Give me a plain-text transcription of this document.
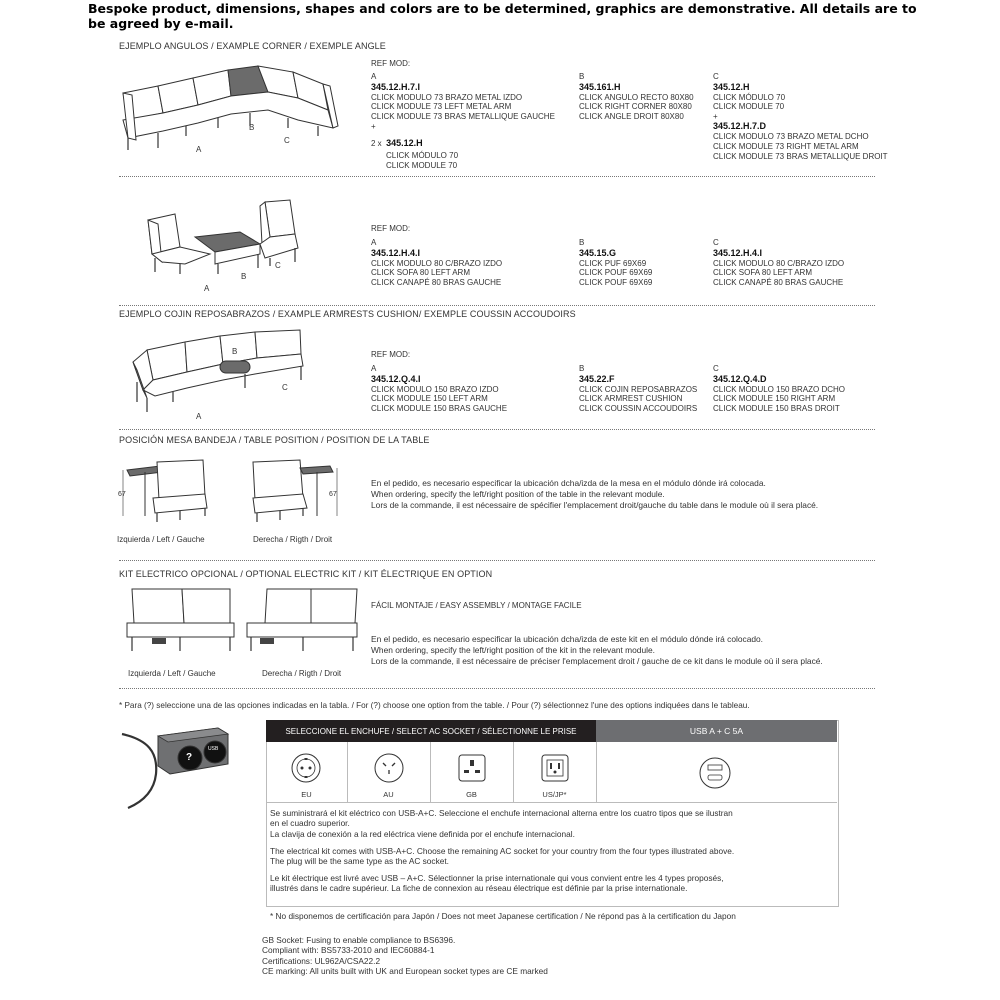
Bespoke product, dimensions, shapes and colors are to be determined, graphics are demonstrative. All details are to be agreed by e-mail.
EJEMPLO ANGULOS / EXAMPLE CORNER / EXEMPLE ANGLE
A
B
C
REF MOD:
A
345.12.H.7.I
CLICK MODULO 73 BRAZO METAL IZDO
CLICK MODULE 73 LEFT METAL ARM
CLICK MODULE 73 BRAS METALLIQUE GAUCHE
+
2 x 345.12.H
CLICK MÓDULO 70
CLICK MODULE 70
B
345.161.H
CLICK ANGULO RECTO 80X80
CLICK RIGHT CORNER 80X80
CLICK ANGLE DROIT 80X80
C
345.12.H
CLICK MÓDULO 70
CLICK MODULE 70
+
345.12.H.7.D
CLICK MODULO 73 BRAZO METAL DCHO
CLICK MODULE 73 RIGHT METAL ARM
CLICK MODULE 73 BRAS METALLIQUE DROIT
A
B
C
REF MOD:
A
345.12.H.4.I
CLICK MODULO 80 C/BRAZO IZDO
CLICK SOFA 80 LEFT ARM
CLICK CANAPÉ 80 BRAS GAUCHE
B
345.15.G
CLICK PUF 69X69
CLICK POUF 69X69
CLICK POUF 69X69
C
345.12.H.4.I
CLICK MODULO 80 C/BRAZO IZDO
CLICK SOFA 80 LEFT ARM
CLICK CANAPÉ 80 BRAS GAUCHE
EJEMPLO COJIN REPOSABRAZOS / EXAMPLE ARMRESTS CUSHION/ EXEMPLE COUSSIN ACCOUDOIRS
A
B
C
REF MOD:
A
345.12.Q.4.I
CLICK MODULO 150 BRAZO IZDO
CLICK MODULE 150 LEFT ARM
CLICK MODULE 150 BRAS GAUCHE
B
345.22.F
CLICK COJIN REPOSABRAZOS
CLICK ARMREST CUSHION
CLICK COUSSIN ACCOUDOIRS
C
345.12.Q.4.D
CLICK MODULO 150 BRAZO DCHO
CLICK MODULE 150 RIGHT ARM
CLICK MODULE 150 BRAS DROIT
POSICIÓN MESA BANDEJA / TABLE POSITION / POSITION DE LA TABLE
67
Izquierda / Left / Gauche
67
Derecha / Rigth / Droit
En el pedido, es necesario especificar la ubicación dcha/izda de la mesa en el módulo dónde irá colocada.
When ordering, specify the left/right position of the table in the relevant module.
Lors de la commande, il est nécessaire de spécifier l'emplacement droit/gauche du table dans le module où il sera placé.
KIT ELECTRICO OPCIONAL / OPTIONAL ELECTRIC KIT / KIT ÉLECTRIQUE EN OPTION
Izquierda / Left / Gauche	Derecha / Rigth / Droit
FÁCIL MONTAJE / EASY ASSEMBLY / MONTAGE FACILE
En el pedido, es necesario especificar la ubicación dcha/izda de este kit en el módulo dónde irá colocado.
When ordering, specify the left/right position of the kit in the relevant module.
Lors de la commande, il est nécessaire de préciser l'emplacement droit / gauche de ce kit dans le module où il sera placé.
* Para (?) seleccione una de las opciones indicadas en la tabla. / For (?) choose one option from the table. / Pour (?) sélectionnez l'une des options indiquées dans le tableau.
?
USB
SELECCIONE EL ENCHUFE / SELECT AC SOCKET / SÉLECTIONNE LE PRISE	USB A + C 5A
EU	AU	GB	US/JP*
Se suministrará el kit eléctrico con USB-A+C. Seleccione el enchufe internacional alterna entre los cuatro tipos que se ilustran
en el cuadro superior.
La clavija de conexión a la red eléctrica viene definida por el enchufe internacional.
The electrical kit comes with USB-A+C. Choose the remaining AC socket for your country from the four types illustrated above.
The plug will be the same type as the AC socket.
Le kit électrique est livré avec USB – A+C. Sélectionner la prise internationale qui vous convient entre les 4 types proposés,
illustrés dans le cadre supérieur. La fiche de connexion au réseau électrique est définie par la prise internationale.
* No disponemos de certificación para Japón / Does not meet Japanese certification / Ne répond pas à la certification du Japon
GB Socket: Fusing to enable compliance to BS6396.
Compliant with: BS5733-2010 and IEC60884-1
Certifications: UL962A/CSA22.2
CE marking: All units built with UK and European socket types are CE marked
